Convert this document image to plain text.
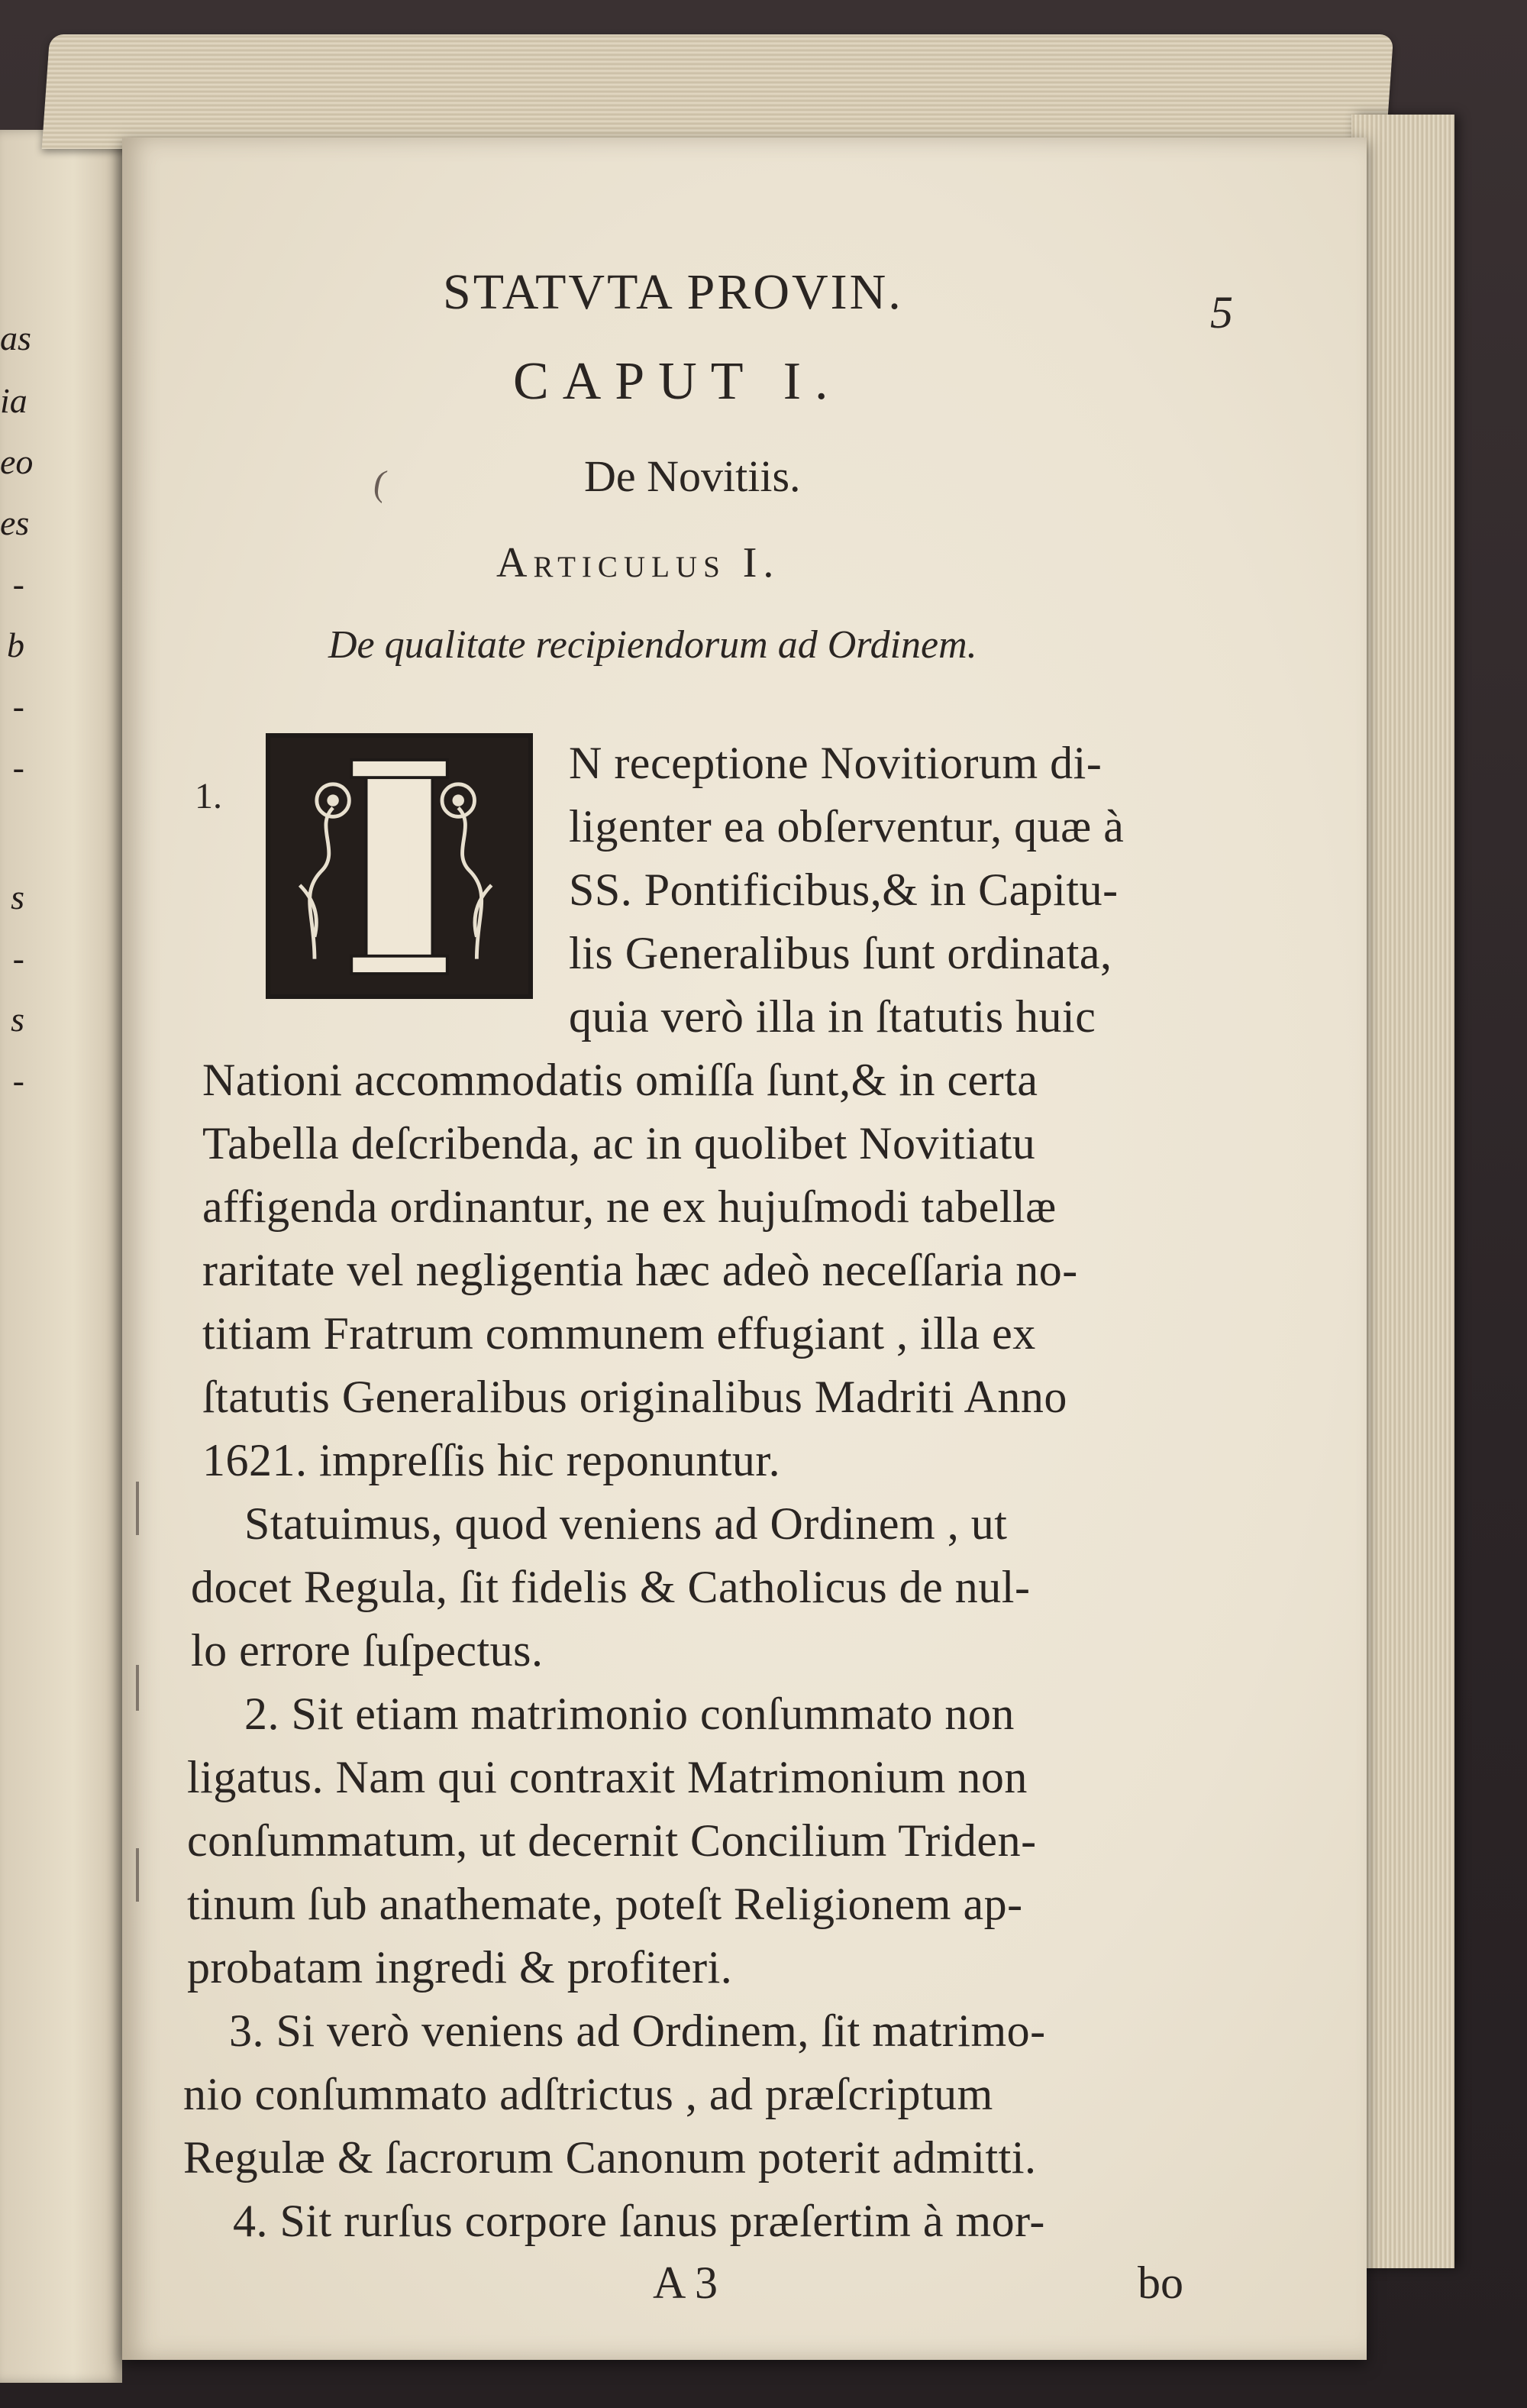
as
ia
eo
es
-
b
-
-
s
-
s
-
STATVTA PROVIN.	5
CAPUT I.
(	De Novitiis.
Articulus I.
De qualitate recipiendorum ad Ordinem.
1. I
N receptione Novitiorum di-
ligenter ea obſerventur, quæ à
SS. Pontificibus,& in Capitu-
lis Generalibus ſunt ordinata,
quia verò illa in ſtatutis huic
Nationi accommodatis omiſſa ſunt,& in certa
Tabella deſcribenda, ac in quolibet Novitiatu
affigenda ordinantur, ne ex hujuſmodi tabellæ
raritate vel negligentia hæc adeò neceſſaria no-
titiam Fratrum communem effugiant , illa ex
ſtatutis Generalibus originalibus Madriti Anno
1621. impreſſis hic reponuntur.
Statuimus, quod veniens ad Ordinem , ut
docet Regula, ſit fidelis & Catholicus de nul-
lo errore ſuſpectus.
2. Sit etiam matrimonio conſummato non
ligatus. Nam qui contraxit Matrimonium non
conſummatum, ut decernit Concilium Triden-
tinum ſub anathemate, poteſt Religionem ap-
probatam ingredi & profiteri.
3. Si verò veniens ad Ordinem, ſit matrimo-
nio conſummato adſtrictus , ad præſcriptum
Regulæ & ſacrorum Canonum poterit admitti.
4. Sit rurſus corpore ſanus præſertim à mor-
A 3	bo
